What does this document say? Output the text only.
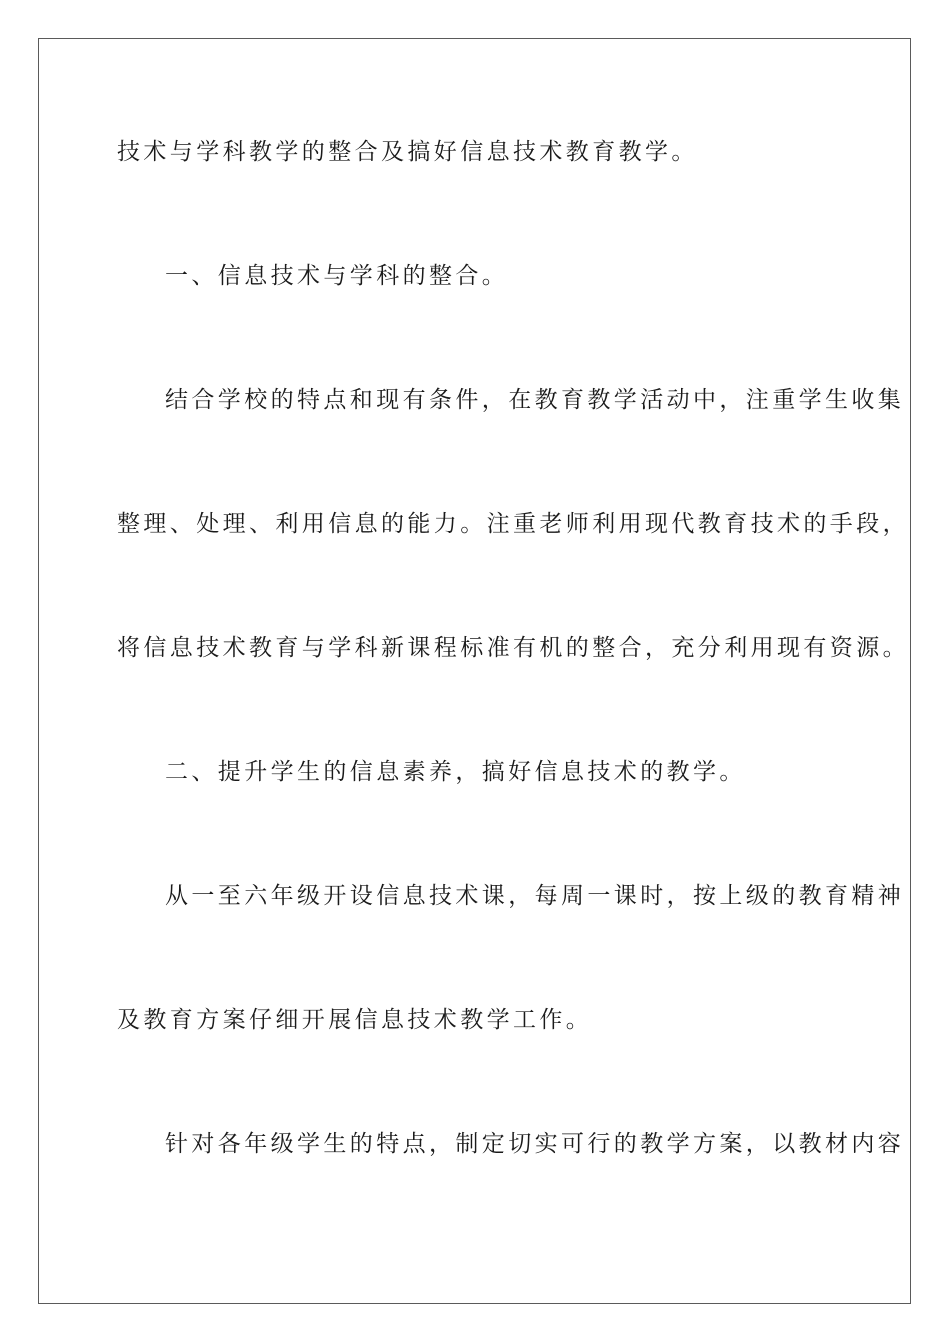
技术与学科教学的整合及搞好信息技术教育教学。
一、信息技术与学科的整合。
结合学校的特点和现有条件，在教育教学活动中，注重学生收集
整理、处理、利用信息的能力。注重老师利用现代教育技术的手段，
将信息技术教育与学科新课程标准有机的整合，充分利用现有资源。
二、提升学生的信息素养，搞好信息技术的教学。
从一至六年级开设信息技术课，每周一课时，按上级的教育精神
及教育方案仔细开展信息技术教学工作。
针对各年级学生的特点，制定切实可行的教学方案，以教材内容
